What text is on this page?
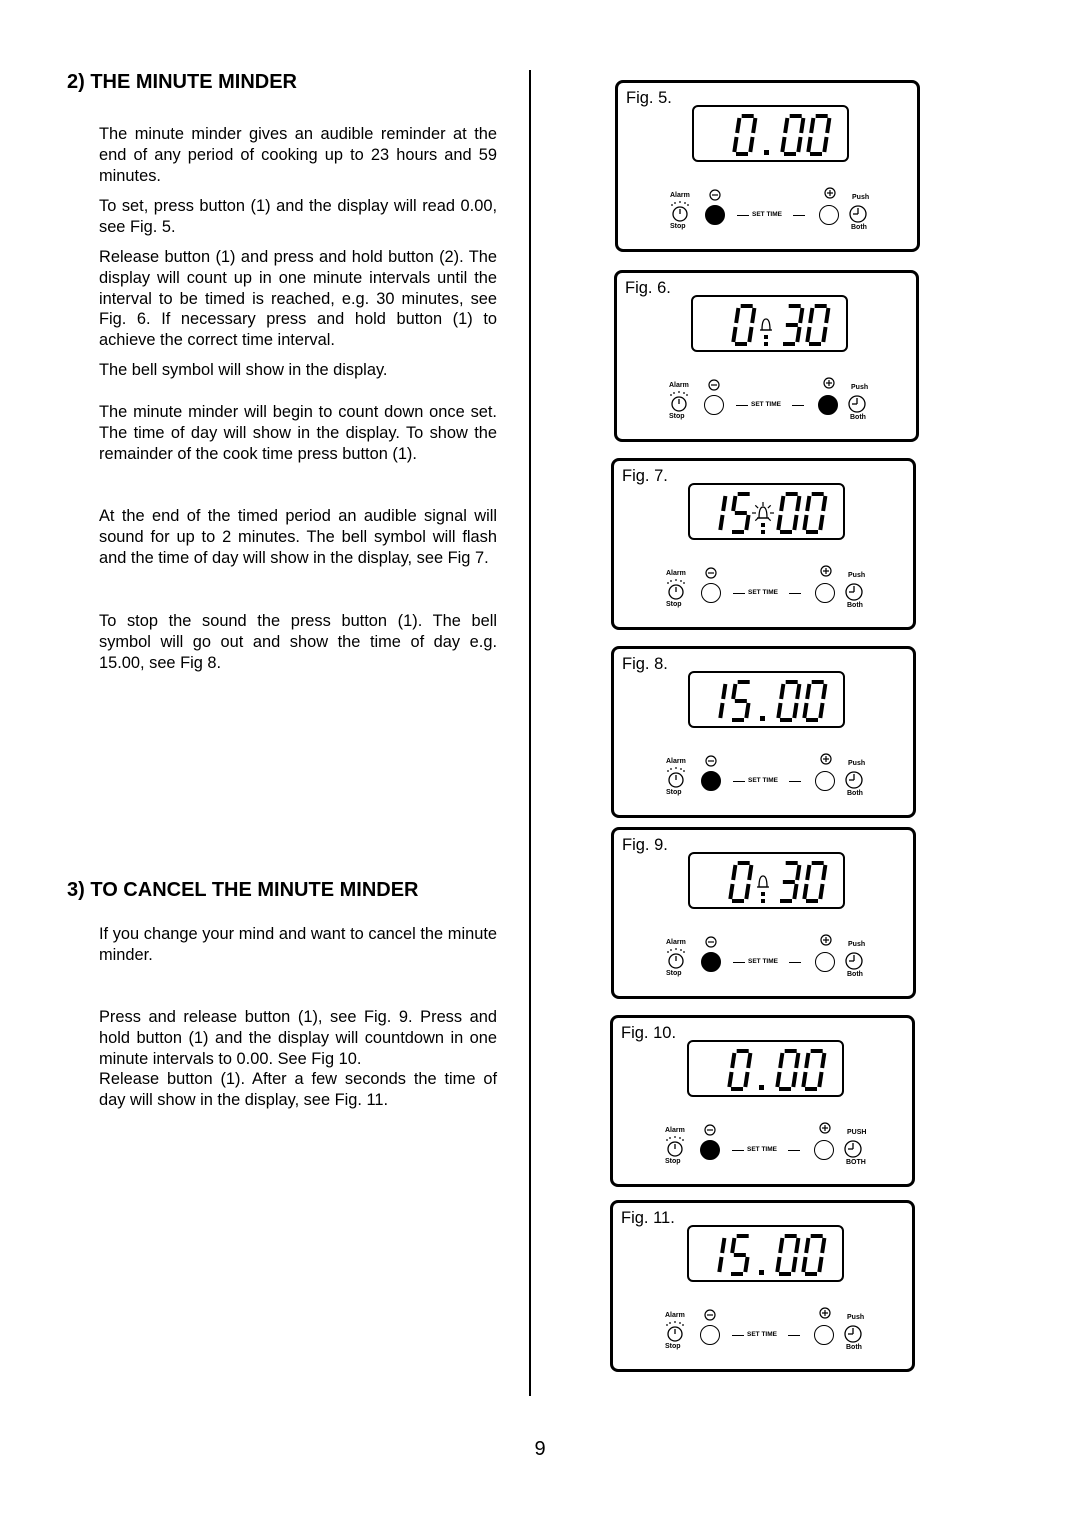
2) THE MINUTE MINDER

The minute minder gives an audible reminder at the end of any period of cooking up to 23 hours and 59 minutes.

To set, press button (1) and the display will read 0.00, see Fig. 5.

Release button (1) and press and hold button (2). The display will count up in one minute intervals until the interval to be timed is reached, e.g. 30 minutes, see Fig. 6. If necessary press and hold button (1) to achieve the correct time interval.

The bell symbol will show in the display.

The minute minder will begin to count down once set. The time of day will show in the display. To show the remainder of the cook time press button (1).

At the end of the timed period an audible signal will sound for up to 2 minutes. The bell symbol will flash and the time of day will show in the display, see Fig 7.

To stop the sound the press button (1). The bell symbol will go out and show the time of day e.g. 15.00, see Fig 8.

3) TO CANCEL THE MINUTE MINDER

If you change your mind and want to cancel the minute minder.

Press and release button (1), see Fig. 9. Press and hold button (1) and the display will countdown in one minute intervals to 0.00. See Fig 10.
Release button (1). After a few seconds the time of day will show in the display, see Fig. 11.

Fig. 5.
Alarm
Stop
Push
Both
SET TIME
Fig. 6.
Alarm
Stop
Push
Both
SET TIME
Fig. 7.
Alarm
Stop
Push
Both
SET TIME
Fig. 8.
Alarm
Stop
Push
Both
SET TIME
Fig. 9.
Alarm
Stop
Push
Both
SET TIME
Fig. 10.
Alarm
Stop
PUSH
BOTH
SET TIME
Fig. 11.
Alarm
Stop
Push
Both
SET TIME
9
